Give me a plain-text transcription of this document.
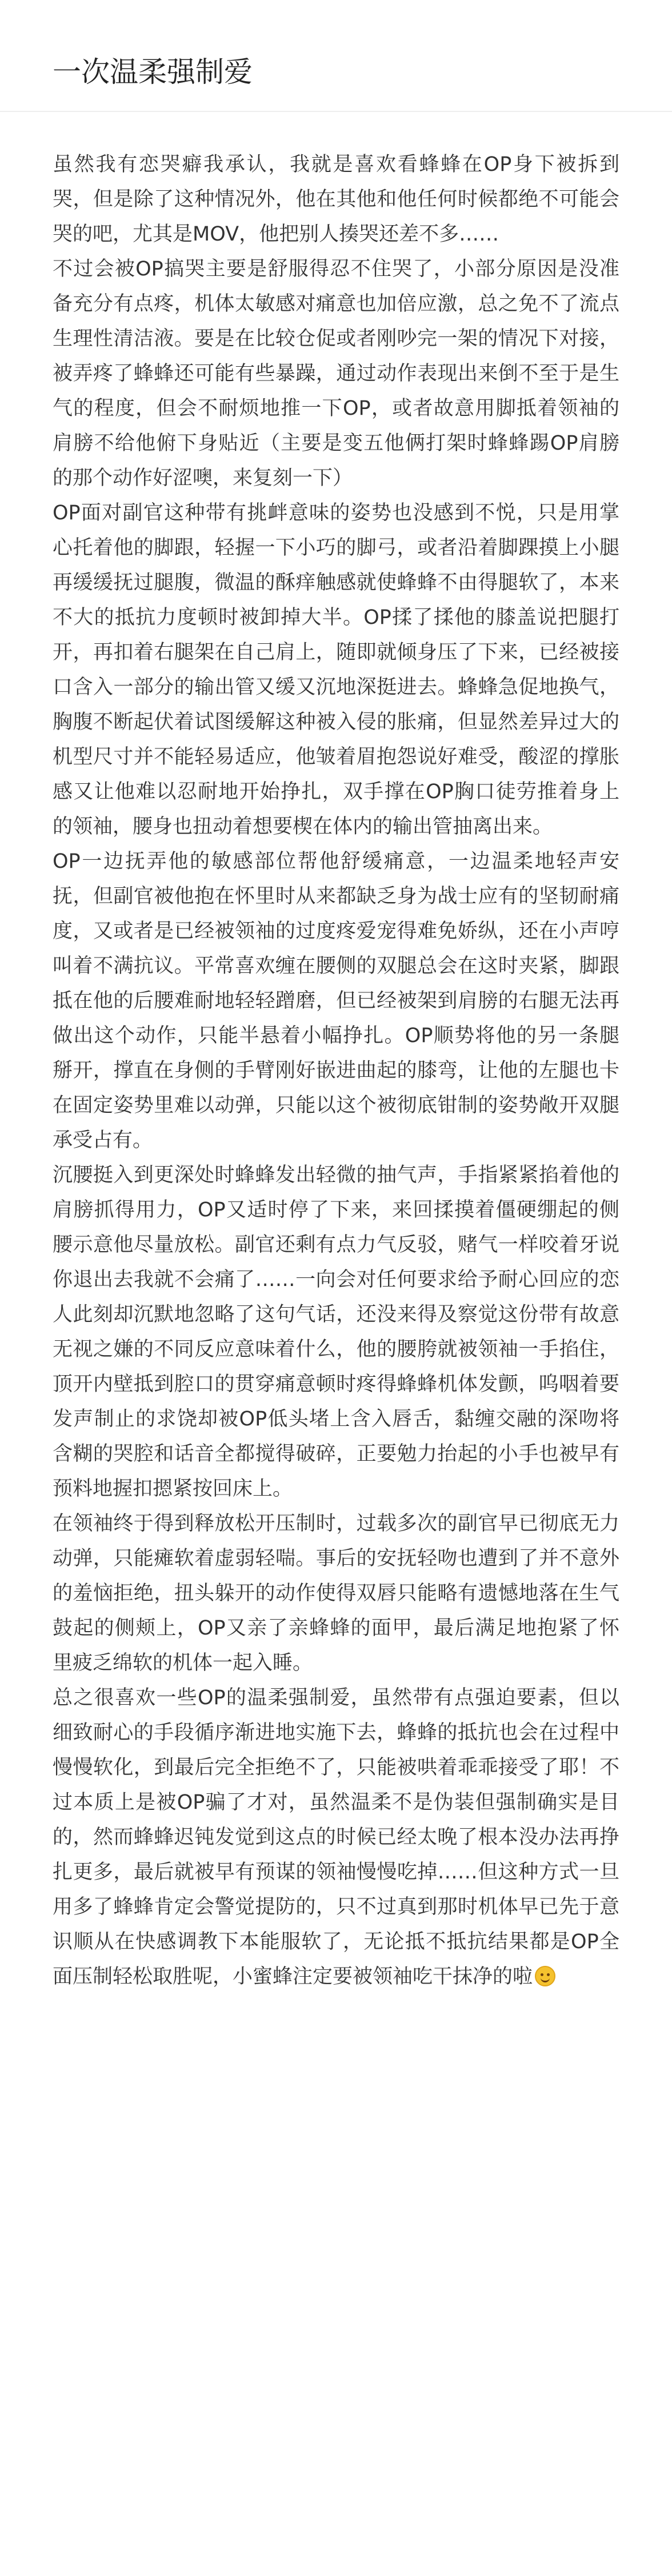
一次温柔强制爱

虽然我有恋哭癖我承认，我就是喜欢看蜂蜂在OP身下被拆到哭，但是除了这种情况外，他在其他和他任何时候都绝不可能会哭的吧，尤其是MOV，他把别人揍哭还差不多……

不过会被OP搞哭主要是舒服得忍不住哭了，小部分原因是没准备充分有点疼，机体太敏感对痛意也加倍应激，总之免不了流点生理性清洁液。要是在比较仓促或者刚吵完一架的情况下对接，被弄疼了蜂蜂还可能有些暴躁，通过动作表现出来倒不至于是生气的程度，但会不耐烦地推一下OP，或者故意用脚抵着领袖的肩膀不给他俯下身贴近（主要是变五他俩打架时蜂蜂踢OP肩膀的那个动作好涩噢，来复刻一下）

OP面对副官这种带有挑衅意味的姿势也没感到不悦，只是用掌心托着他的脚跟，轻握一下小巧的脚弓，或者沿着脚踝摸上小腿再缓缓抚过腿腹，微温的酥痒触感就使蜂蜂不由得腿软了，本来不大的抵抗力度顿时被卸掉大半。OP揉了揉他的膝盖说把腿打开，再扣着右腿架在自己肩上，随即就倾身压了下来，已经被接口含入一部分的输出管又缓又沉地深挺进去。蜂蜂急促地换气，胸腹不断起伏着试图缓解这种被入侵的胀痛，但显然差异过大的机型尺寸并不能轻易适应，他皱着眉抱怨说好难受，酸涩的撑胀感又让他难以忍耐地开始挣扎，双手撑在OP胸口徒劳推着身上的领袖，腰身也扭动着想要楔在体内的输出管抽离出来。

OP一边抚弄他的敏感部位帮他舒缓痛意，一边温柔地轻声安抚，但副官被他抱在怀里时从来都缺乏身为战士应有的坚韧耐痛度，又或者是已经被领袖的过度疼爱宠得难免娇纵，还在小声哼叫着不满抗议。平常喜欢缠在腰侧的双腿总会在这时夹紧，脚跟抵在他的后腰难耐地轻轻蹭磨，但已经被架到肩膀的右腿无法再做出这个动作，只能半悬着小幅挣扎。OP顺势将他的另一条腿掰开，撑直在身侧的手臂刚好嵌进曲起的膝弯，让他的左腿也卡在固定姿势里难以动弹，只能以这个被彻底钳制的姿势敞开双腿承受占有。

沉腰挺入到更深处时蜂蜂发出轻微的抽气声，手指紧紧掐着他的肩膀抓得用力，OP又适时停了下来，来回揉摸着僵硬绷起的侧腰示意他尽量放松。副官还剩有点力气反驳，赌气一样咬着牙说你退出去我就不会痛了……一向会对任何要求给予耐心回应的恋人此刻却沉默地忽略了这句气话，还没来得及察觉这份带有故意无视之嫌的不同反应意味着什么，他的腰胯就被领袖一手掐住，顶开内壁抵到腔口的贯穿痛意顿时疼得蜂蜂机体发颤，呜咽着要发声制止的求饶却被OP低头堵上含入唇舌，黏缠交融的深吻将含糊的哭腔和话音全都搅得破碎，正要勉力抬起的小手也被早有预料地握扣摁紧按回床上。

在领袖终于得到释放松开压制时，过载多次的副官早已彻底无力动弹，只能瘫软着虚弱轻喘。事后的安抚轻吻也遭到了并不意外的羞恼拒绝，扭头躲开的动作使得双唇只能略有遗憾地落在生气鼓起的侧颊上，OP又亲了亲蜂蜂的面甲，最后满足地抱紧了怀里疲乏绵软的机体一起入睡。

总之很喜欢一些OP的温柔强制爱，虽然带有点强迫要素，但以细致耐心的手段循序渐进地实施下去，蜂蜂的抵抗也会在过程中慢慢软化，到最后完全拒绝不了，只能被哄着乖乖接受了耶！不过本质上是被OP骗了才对，虽然温柔不是伪装但强制确实是目的，然而蜂蜂迟钝发觉到这点的时候已经太晚了根本没办法再挣扎更多，最后就被早有预谋的领袖慢慢吃掉……但这种方式一旦用多了蜂蜂肯定会警觉提防的，只不过真到那时机体早已先于意识顺从在快感调教下本能服软了，无论抵不抵抗结果都是OP全面压制轻松取胜呢，小蜜蜂注定要被领袖吃干抹净的啦
